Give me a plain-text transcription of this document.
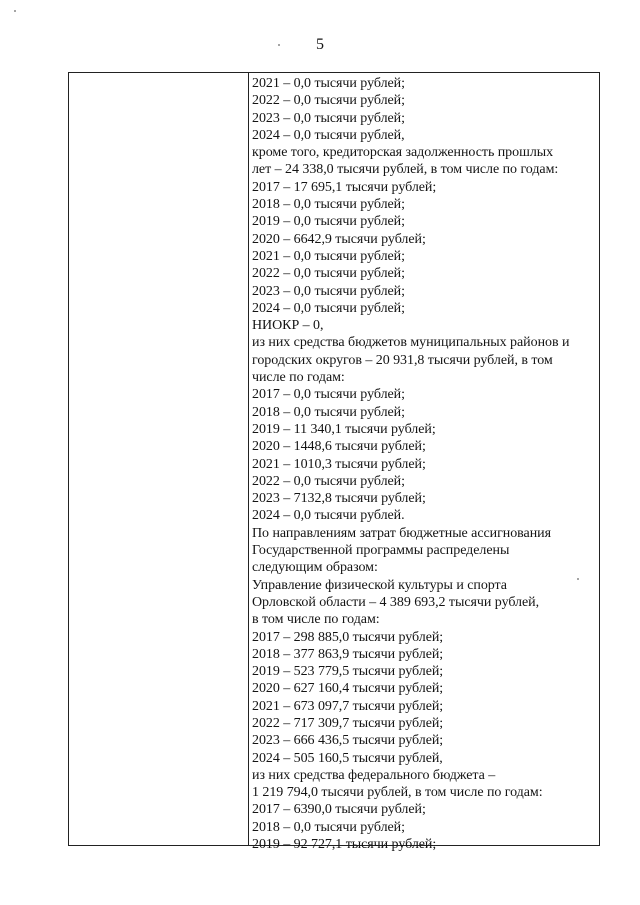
5
2021 – 0,0 тысячи рублей;
2022 – 0,0 тысячи рублей;
2023 – 0,0 тысячи рублей;
2024 – 0,0 тысячи рублей,
кроме того, кредиторская задолженность прошлых
лет – 24 338,0 тысячи рублей, в том числе по годам:
2017 – 17 695,1 тысячи рублей;
2018 – 0,0 тысячи рублей;
2019 – 0,0 тысячи рублей;
2020 – 6642,9 тысячи рублей;
2021 – 0,0 тысячи рублей;
2022 – 0,0 тысячи рублей;
2023 – 0,0 тысячи рублей;
2024 – 0,0 тысячи рублей;
НИОКР – 0,
из них средства бюджетов муниципальных районов и
городских округов – 20 931,8 тысячи рублей, в том
числе по годам:
2017 – 0,0 тысячи рублей;
2018 – 0,0 тысячи рублей;
2019 – 11 340,1 тысячи рублей;
2020 – 1448,6 тысячи рублей;
2021 – 1010,3 тысячи рублей;
2022 – 0,0 тысячи рублей;
2023 – 7132,8 тысячи рублей;
2024 – 0,0 тысячи рублей.
По направлениям затрат бюджетные ассигнования
Государственной программы распределены
следующим образом:
Управление физической культуры и спорта
Орловской области – 4 389 693,2 тысячи рублей,
в том числе по годам:
2017 – 298 885,0 тысячи рублей;
2018 – 377 863,9 тысячи рублей;
2019 – 523 779,5 тысячи рублей;
2020 – 627 160,4 тысячи рублей;
2021 – 673 097,7 тысячи рублей;
2022 – 717 309,7 тысячи рублей;
2023 – 666 436,5 тысячи рублей;
2024 – 505 160,5 тысячи рублей,
из них средства федерального бюджета –
1 219 794,0 тысячи рублей, в том числе по годам:
2017 – 6390,0 тысячи рублей;
2018 – 0,0 тысячи рублей;
2019 – 92 727,1 тысячи рублей;
